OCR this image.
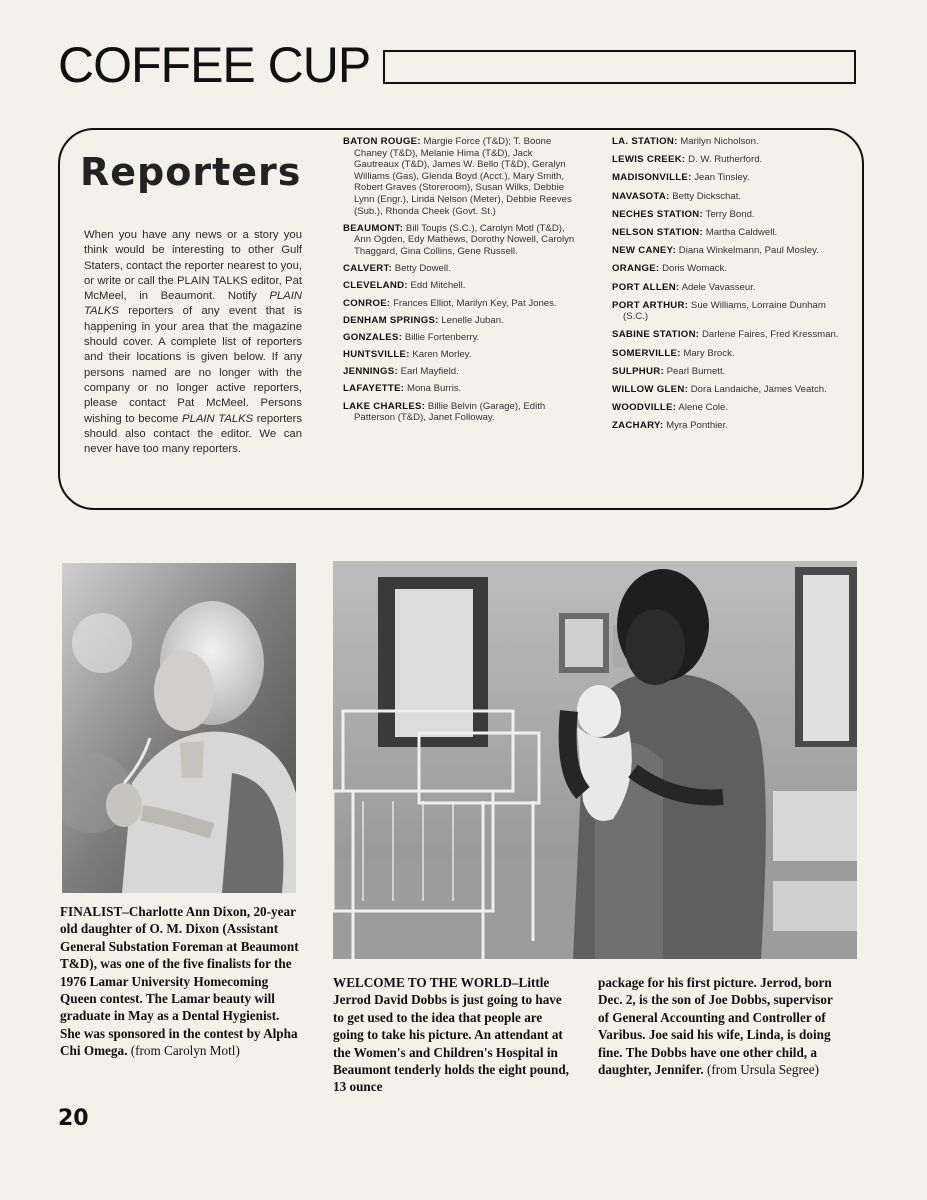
COFFEE CUP
Reporters
When you have any news or a story you think would be interesting to other Gulf Staters, contact the reporter nearest to you, or write or call the PLAIN TALKS editor, Pat McMeel, in Beaumont. Notify PLAIN TALKS reporters of any event that is happening in your area that the magazine should cover. A complete list of reporters and their locations is given below. If any persons named are no longer with the company or no longer active reporters, please contact Pat McMeel. Persons wishing to become PLAIN TALKS reporters should also contact the editor. We can never have too many reporters.
BATON ROUGE: Margie Force (T&D); T. Boone Chaney (T&D), Melanie Hima (T&D), Jack Gautreaux (T&D), James W. Bello (T&D), Geralyn Williams (Gas), Glenda Boyd (Acct.), Mary Smith, Robert Graves (Storeroom), Susan Wilks, Debbie Lynn (Engr.), Linda Nelson (Meter), Debbie Reeves (Sub.), Rhonda Cheek (Govt. St.)
BEAUMONT: Bill Toups (S.C.), Carolyn Motl (T&D), Ann Ogden, Edy Mathews, Dorothy Nowell, Carolyn Thaggard, Gina Collins, Gene Russell.
CALVERT: Betty Dowell.
CLEVELAND: Edd Mitchell.
CONROE: Frances Elliot, Marilyn Key, Pat Jones.
DENHAM SPRINGS: Lenelle Juban.
GONZALES: Billie Fortenberry.
HUNTSVILLE: Karen Morley.
JENNINGS: Earl Mayfield.
LAFAYETTE: Mona Burris.
LAKE CHARLES: Billie Belvin (Garage), Edith Patterson (T&D), Janet Followay.
LA. STATION: Marilyn Nicholson.
LEWIS CREEK: D. W. Rutherford.
MADISONVILLE: Jean Tinsley.
NAVASOTA: Betty Dickschat.
NECHES STATION: Terry Bond.
NELSON STATION: Martha Caldwell.
NEW CANEY: Diana Winkelmann, Paul Mosley.
ORANGE: Doris Womack.
PORT ALLEN: Adele Vavasseur.
PORT ARTHUR: Sue Williams, Lorraine Dunham (S.C.)
SABINE STATION: Darlene Faires, Fred Kressman.
SOMERVILLE: Mary Brock.
SULPHUR: Pearl Burnett.
WILLOW GLEN: Dora Landaiche, James Veatch.
WOODVILLE: Alene Cole.
ZACHARY: Myra Ponthier.
FINALIST–Charlotte Ann Dixon, 20-year old daughter of O. M. Dixon (Assistant General Substation Foreman at Beaumont T&D), was one of the five finalists for the 1976 Lamar University Homecoming Queen contest. The Lamar beauty will graduate in May as a Dental Hygienist. She was sponsored in the contest by Alpha Chi Omega. (from Carolyn Motl)
WELCOME TO THE WORLD–Little Jerrod David Dobbs is just going to have to get used to the idea that people are going to take his picture. An attendant at the Women's and Children's Hospital in Beaumont tenderly holds the eight pound, 13 ounce
package for his first picture. Jerrod, born Dec. 2, is the son of Joe Dobbs, supervisor of General Accounting and Controller of Varibus. Joe said his wife, Linda, is doing fine. The Dobbs have one other child, a daughter, Jennifer. (from Ursula Segree)
20
